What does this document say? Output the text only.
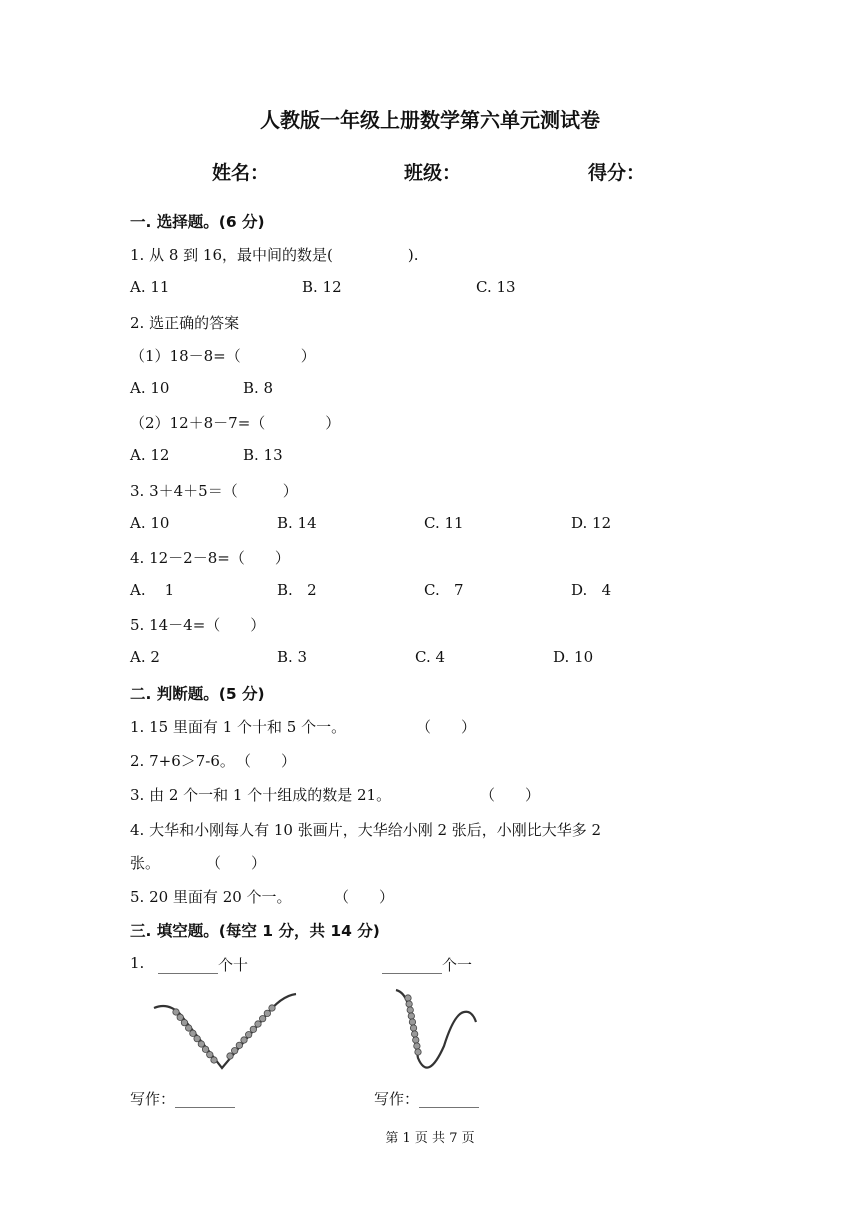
人教版一年级上册数学第六单元测试卷
姓名：	班级：	得分：
一. 选择题。(6 分)
1. 从 8 到 16，最中间的数是(　　　　　).
A. 11	B. 12	C. 13
2. 选正确的答案
（1）18－8=（　　　　）
A. 10	B. 8
（2）12＋8－7=（　　　　）
A. 12	B. 13
3. 3＋4＋5＝（　　　）
A. 10	B. 14	C. 11	D. 12
4. 12－2－8=（　　）
A.    1	B.   2	C.   7	D.   4
5. 14－4=（　　）
A. 2	B. 3	C. 4	D. 10
二. 判断题。(5 分)
1. 15 里面有 1 个十和 5 个一。	（　　）
2. 7+6＞7-6。 （　　）
3. 由 2 个一和 1 个十组成的数是 21。	（　　）
4. 大华和小刚每人有 10 张画片，大华给小刚 2 张后，小刚比大华多 2
张。	（　　）
5. 20 里面有 20 个一。	（　　）
三. 填空题。(每空 1 分，共 14 分)
1. ________个十	________个一
写作：________	写作：________
第 1 页 共 7 页
